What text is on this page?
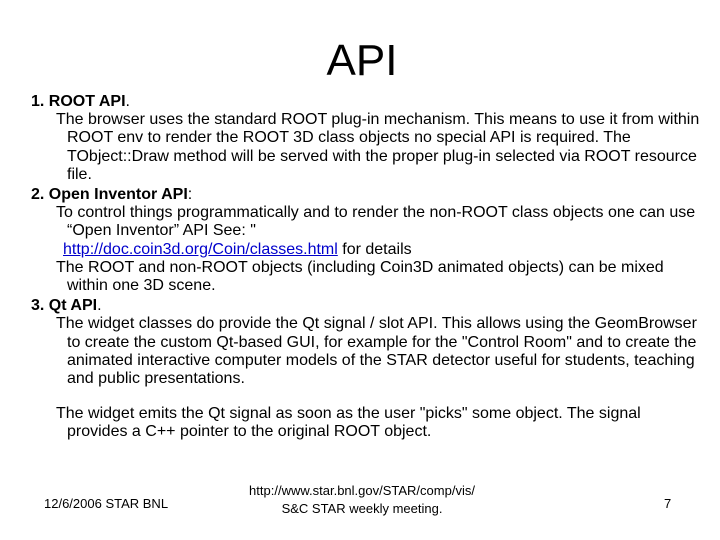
API
1. ROOT API.

The browser uses the standard ROOT plug-in mechanism. This means to use it from within ROOT env to render the ROOT 3D class objects no special API is required. The TObject::Draw method will be served with the proper plug-in selected via ROOT resource file.

2. Open Inventor API:

To control things programmatically and to render the non-ROOT class objects one can use “Open Inventor” API See: "

http://doc.coin3d.org/Coin/classes.html for details

The ROOT and non-ROOT objects (including Coin3D animated objects) can be mixed within one 3D scene.

3. Qt API.

The widget classes do provide the Qt signal / slot API. This allows using the GeomBrowser to create the custom Qt-based GUI, for example for the "Control Room" and to create the animated interactive computer models of the STAR detector useful for students, teaching and public presentations.

The widget emits the Qt signal as soon as the user "picks" some object. The signal provides a C++ pointer to the original ROOT object.

12/6/2006 STAR BNL
http://www.star.bnl.gov/STAR/comp/vis/
S&C STAR weekly meeting.	7
